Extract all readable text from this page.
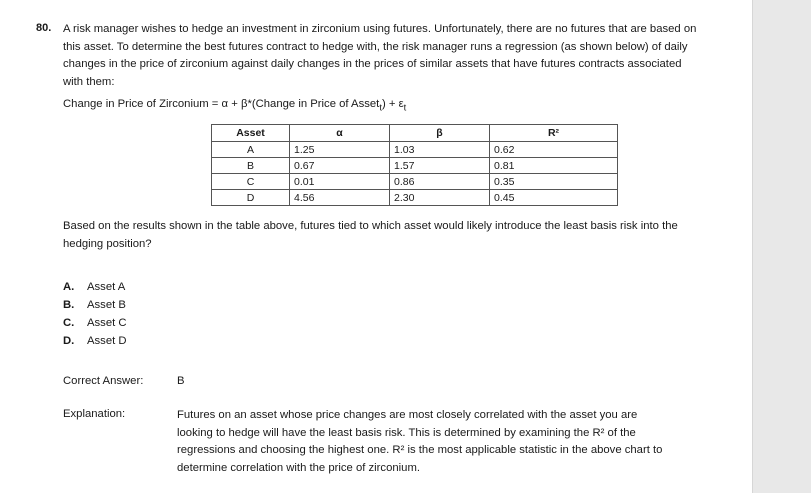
80. A risk manager wishes to hedge an investment in zirconium using futures. Unfortunately, there are no futures that are based on this asset. To determine the best futures contract to hedge with, the risk manager runs a regression (as shown below) of daily changes in the price of zirconium against daily changes in the prices of similar assets that have futures contracts associated with them:

Change in Price of Zirconium = α + β*(Change in Price of Asset$_t$) + $\varepsilon_t$

Asset	α	β	R²
A	1.25	1.03	0.62
B	0.67	1.57	0.81
C	0.01	0.86	0.35
D	4.56	2.30	0.45

Based on the results shown in the table above, futures tied to which asset would likely introduce the least basis risk into the hedging position?

A. Asset A
B. Asset B
C. Asset C
D. Asset D
Correct Answer:	B
Explanation:	Futures on an asset whose price changes are most closely correlated with the asset you are looking to hedge will have the least basis risk. This is determined by examining the R² of the regressions and choosing the highest one. R² is the most applicable statistic in the above chart to determine correlation with the price of zirconium.
